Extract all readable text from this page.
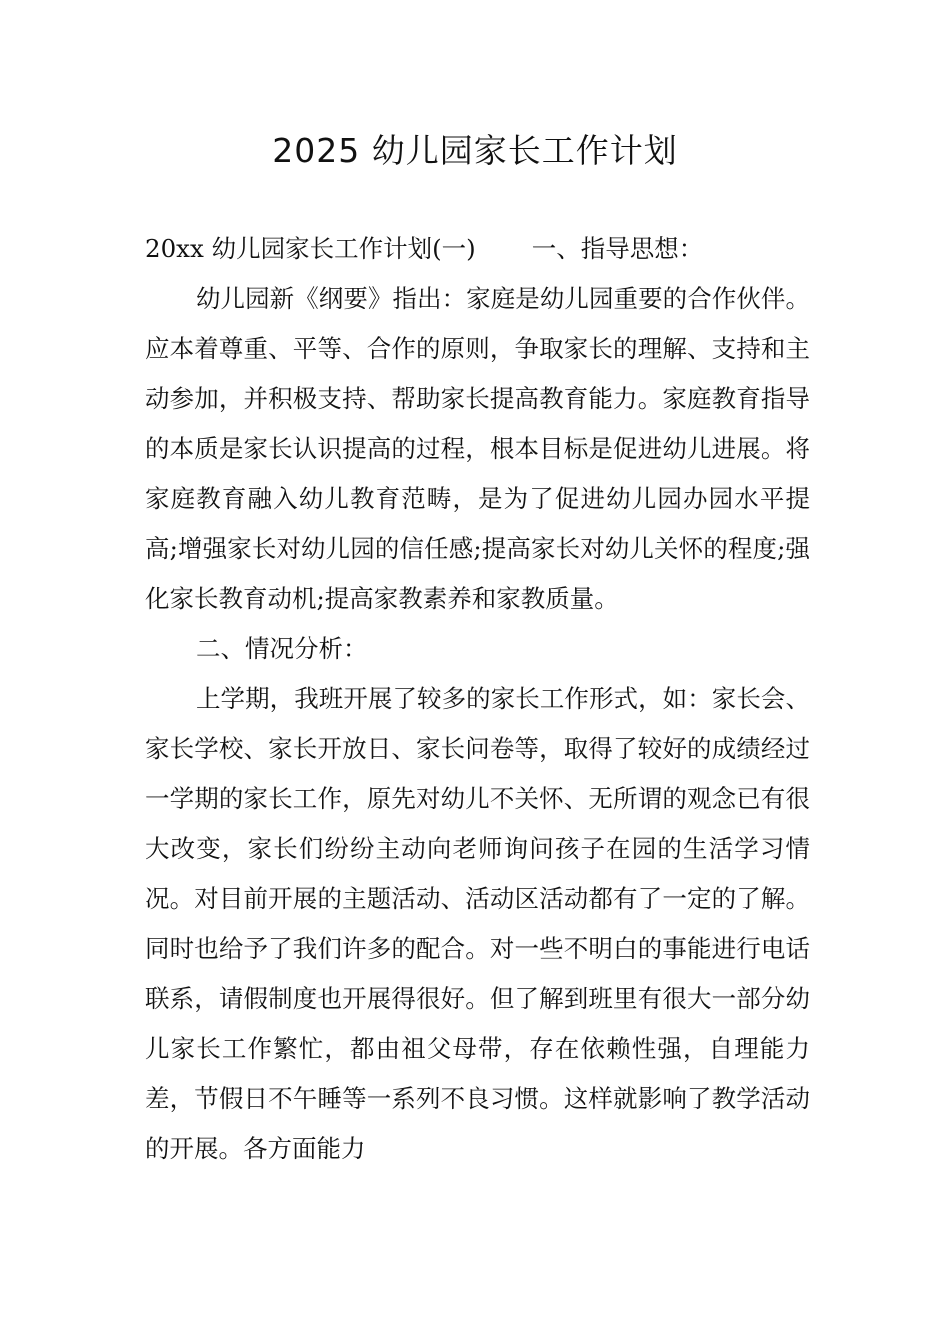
2025 幼儿园家长工作计划

20xx 幼儿园家长工作计划(一) 一、指导思想：

幼儿园新《纲要》指出：家庭是幼儿园重要的合作伙伴。应本着尊重、平等、合作的原则，争取家长的理解、支持和主动参加，并积极支持、帮助家长提高教育能力。家庭教育指导的本质是家长认识提高的过程，根本目标是促进幼儿进展。将家庭教育融入幼儿教育范畴，是为了促进幼儿园办园水平提高;增强家长对幼儿园的信任感;提高家长对幼儿关怀的程度;强化家长教育动机;提高家教素养和家教质量。

二、情况分析：

上学期，我班开展了较多的家长工作形式，如：家长会、家长学校、家长开放日、家长问卷等，取得了较好的成绩经过一学期的家长工作，原先对幼儿不关怀、无所谓的观念已有很大改变，家长们纷纷主动向老师询问孩子在园的生活学习情况。对目前开展的主题活动、活动区活动都有了一定的了解。同时也给予了我们许多的配合。对一些不明白的事能进行电话联系，请假制度也开展得很好。但了解到班里有很大一部分幼儿家长工作繁忙，都由祖父母带，存在依赖性强，自理能力差，节假日不午睡等一系列不良习惯。这样就影响了教学活动的开展。各方面能力
